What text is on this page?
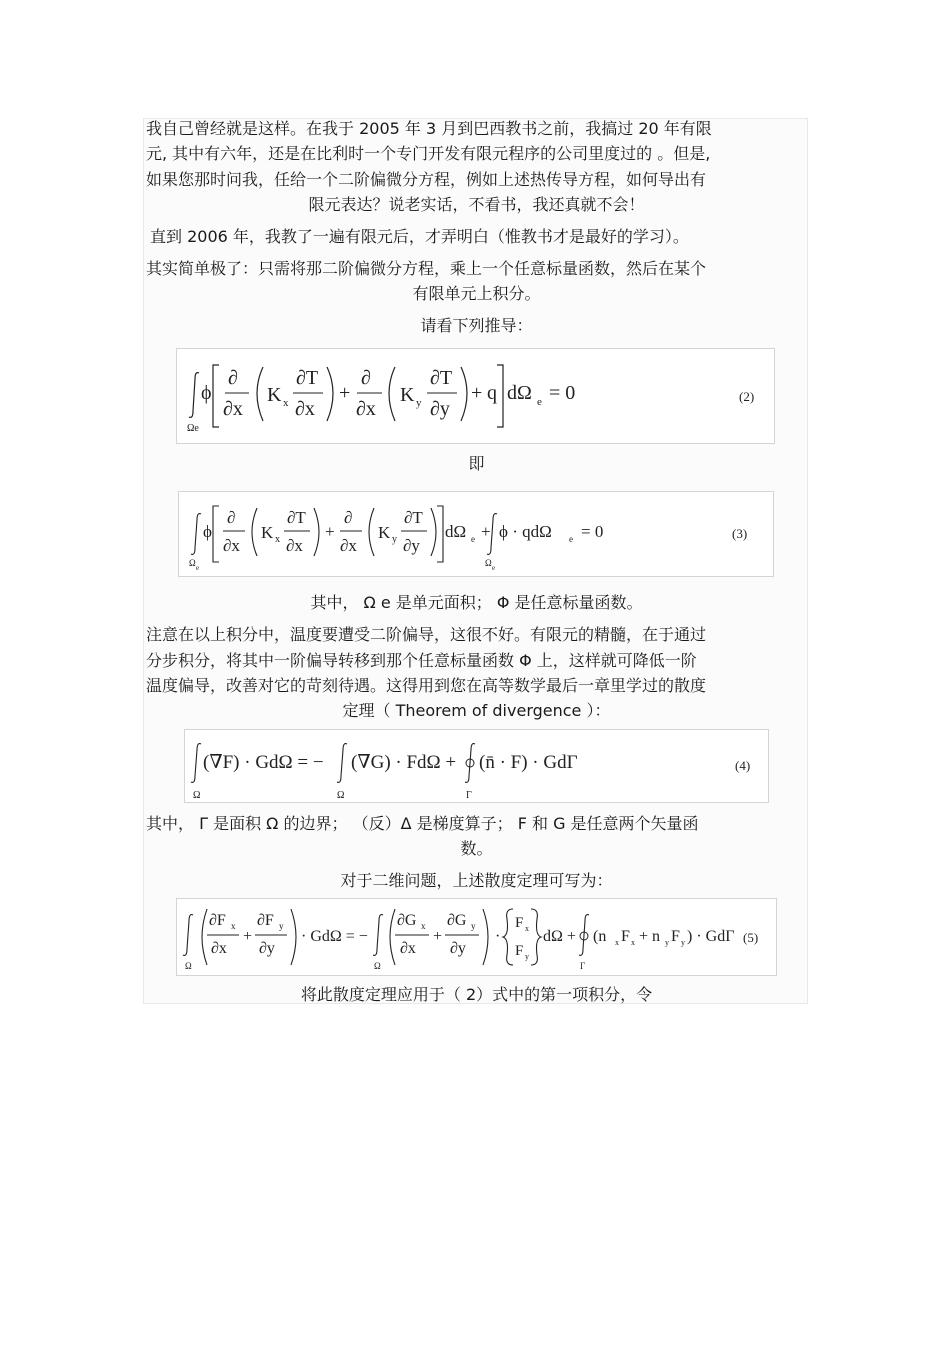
我自己曾经就是这样。在我于 2005 年 3 月到巴西教书之前，我搞过 20 年有限
元, 其中有六年，还是在比利时一个专门开发有限元程序的公司里度过的 。但是,
如果您那时问我，任给一个二阶偏微分方程，例如上述热传导方程，如何导出有
限元表达？说老实话，不看书，我还真就不会！
直到 2006 年，我教了一遍有限元后，才弄明白（惟教书才是最好的学习）。
其实简单极了：只需将那二阶偏微分方程，乘上一个任意标量函数，然后在某个
有限单元上积分。
请看下列推导：
Ωe
ϕ
∂
∂x
K x
∂T
∂x
+
∂
∂x
K y
∂T
∂y
+ q dΩ e = 0	(2)
即
Ω e
ϕ
∂
∂x
K x
∂T
∂x
+
∂
∂x
K y
∂T
∂y
dΩ e +
Ω e
ϕ · qdΩ e = 0	(3)
其中， Ω e 是单元面积； Φ 是任意标量函数。
注意在以上积分中，温度要遭受二阶偏导，这很不好。有限元的精髓，在于通过
分步积分，将其中一阶偏导转移到那个任意标量函数 Φ 上，这样就可降低一阶
温度偏导，改善对它的苛刻待遇。这得用到您在高等数学最后一章里学过的散度
定理（ Theorem of divergence ）：
Ω
(∇F) · GdΩ = −
Ω
(∇G) · FdΩ +
Γ
(n̄ · F) · GdΓ	(4)
其中， Γ 是面积 Ω 的边界； （反）Δ 是梯度算子； F 和 G 是任意两个矢量函
数。
对于二维问题，上述散度定理可写为：
Ω
∂F x
∂x
+
∂F y
∂y
· GdΩ = −
Ω
∂G x
∂x
+
∂G y
∂y
·
F x
F y
dΩ +
Γ
(n x F x + n y F y ) · GdΓ (5)
将此散度定理应用于（ 2）式中的第一项积分，令
